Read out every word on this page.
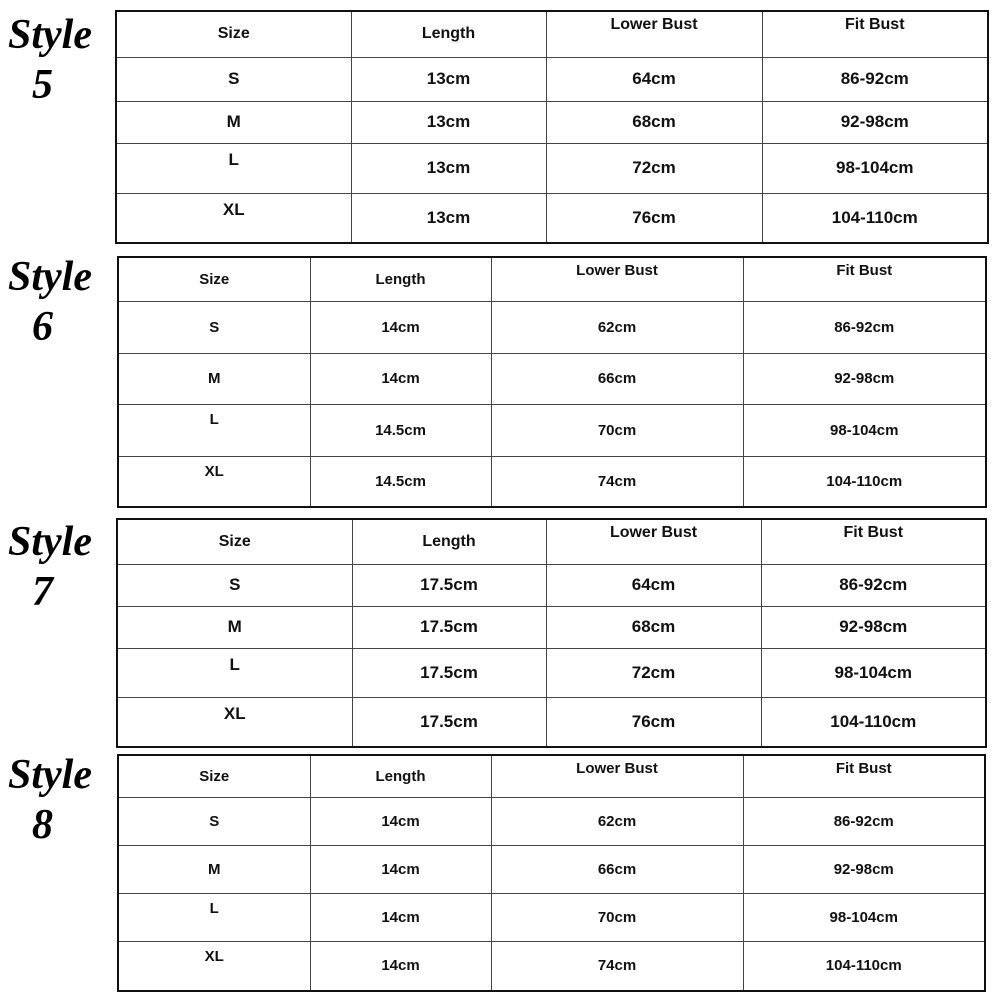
Style
5
Size	Length	Lower Bust	Fit Bust
S	13cm	64cm	86-92cm
M	13cm	68cm	92-98cm
L	13cm	72cm	98-104cm
XL	13cm	76cm	104-110cm
Style
6
Size	Length	Lower Bust	Fit Bust
S	14cm	62cm	86-92cm
M	14cm	66cm	92-98cm
L	14.5cm	70cm	98-104cm
XL	14.5cm	74cm	104-110cm
Style
7
Size	Length	Lower Bust	Fit Bust
S	17.5cm	64cm	86-92cm
M	17.5cm	68cm	92-98cm
L	17.5cm	72cm	98-104cm
XL	17.5cm	76cm	104-110cm
Style
8
Size	Length	Lower Bust	Fit Bust
S	14cm	62cm	86-92cm
M	14cm	66cm	92-98cm
L	14cm	70cm	98-104cm
XL	14cm	74cm	104-110cm
